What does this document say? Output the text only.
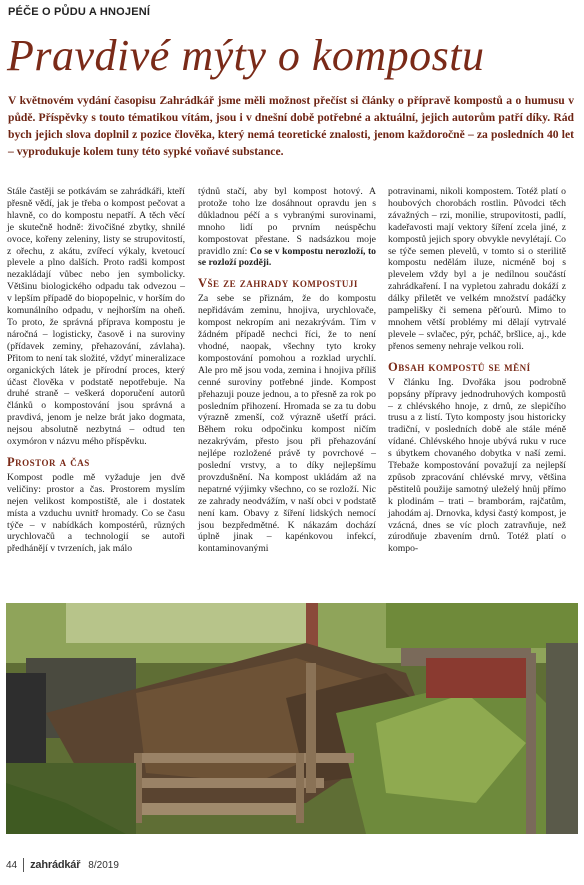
PÉČE O PŮDU A HNOJENÍ
Pravdivé mýty o kompostu

V květnovém vydání časopisu Zahrádkář jsme měli možnost přečíst si články o přípravě kompostů a o humusu v půdě. Příspěvky s touto tématikou vítám, jsou i v dnešní době potřebné a aktuální, jejich autorům patří díky. Rád bych jejich slova doplnil z pozice člověka, který nemá teoretické znalosti, jenom každoročně – za posledních 40 let – vyprodukuje kolem tuny této sypké voňavé substance.

Stále častěji se potkávám se zahrádkáři, kteří přesně vědí, jak je třeba o kompost pečovat a hlavně, co do kompostu nepatří. A těch věcí je skutečně hodně: živočišné zbytky, shnilé ovoce, kořeny zeleniny, listy se strupovitostí, z ořechu, z akátu, zvířecí výkaly, kvetoucí plevele a plno dalších. Proto radši kompost nezakládají vůbec nebo jen symbolicky. Většinu biologického odpadu tak odvezou – v lepším případě do biopopelnic, v horším do komunálního odpadu, v nejhorším na oheň. To proto, že správná příprava kompostu je náročná – logisticky, časově i na suroviny (přídavek zeminy, přehazování, závlaha). Přitom to není tak složité, vždyť mineralizace organických látek je přírodní proces, který účast člověka v podstatě nepotřebuje. Na druhé straně – veškerá doporučení autorů článků o kompostování jsou správná a pravdivá, jenom je nelze brát jako dogmata, nejsou absolutně nezbytná – odtud ten oxymóron v názvu mého příspěvku.

Prostor a čas

Kompost podle mě vyžaduje jen dvě veličiny: prostor a čas. Prostorem myslím nejen velikost kompostiště, ale i dostatek místa a vzduchu uvnitř hromady. Co se času týče – v nabídkách kompostérů, různých urychlovačů a technologií se autoři předhánějí v tvrzeních, jak málo

týdnů stačí, aby byl kompost hotový. A protože toho lze dosáhnout opravdu jen s důkladnou péčí a s vybranými surovinami, mnoho lidí po prvním neúspěchu kompostovat přestane. S nadsázkou moje pravidlo zní: Co se v kompostu nerozloží, to se rozloží později.

Vše ze zahrady kompostuji

Za sebe se přiznám, že do kompostu nepřidávám zeminu, hnojiva, urychlovače, kompost nekropím ani nezakrývám. Tím v žádném případě nechci říci, že to není vhodné, naopak, všechny tyto kroky kompostování pomohou a rozklad urychlí. Ale pro mě jsou voda, zemina i hnojiva příliš cenné suroviny potřebné jinde. Kompost přehazuji pouze jednou, a to přesně za rok po posledním přihození. Hromada se za tu dobu výrazně zmenší, což výrazně ušetří práci. Během roku odpočinku kompost ničím nezakrývám, přesto jsou při přehazování nejlépe rozložené právě ty povrchové – poslední vrstvy, a to díky nejlepšímu provzdušnění. Na kompost ukládám až na nepatrné výjimky všechno, co se rozloží. Nic ze zahrady neodvážím, v naší obci v podstatě není kam. Obavy z šíření lidských nemocí jsou bezpředmětné. K nákazám dochází úplně jinak – kapénkovou infekcí, kontaminovanými

potravinami, nikoli kompostem. Totéž platí o houbových chorobách rostlin. Původci těch závažných – rzi, monilie, strupovitosti, padlí, kadeřavosti mají vektory šíření zcela jiné, z kompostů jejich spory obvykle nevylétají. Co se týče semen plevelů, v tomto si o sterilitě kompostu nedělám iluze, nicméně boj s plevelem vždy byl a je nedílnou součástí zahrádkaření. I na vypletou zahradu dokáží z dálky přiletět ve velkém množství padáčky pampelišky či semena pěťourů. Mimo to mnohem větší problémy mi dělají vytrvalé plevele – svlačec, pýr, pcháč, bršlice, aj., kde přenos semeny nehraje velkou roli.

Obsah kompostů se mění

V článku Ing. Dvořáka jsou podrobně popsány přípravy jednodruhových kompostů – z chlévského hnoje, z drnů, ze slepičího trusu a z listí. Tyto komposty jsou historicky tradiční, v posledních době ale stále méně vídané. Chlévského hnoje ubývá ruku v ruce s úbytkem chovaného dobytka v naší zemi. Třebaže kompostování považují za nejlepší způsob zpracování chlévské mrvy, většina pěstitelů použije samotný uleželý hnůj přímo k plodinám – trati – bramborám, rajčatům, jahodám aj. Drnovka, kdysi častý kompost, je vzácná, dnes se víc ploch zatravňuje, než zúrodňuje zbavením drnů. Totéž platí o kompo-

44 zahrádkář 8/2019
